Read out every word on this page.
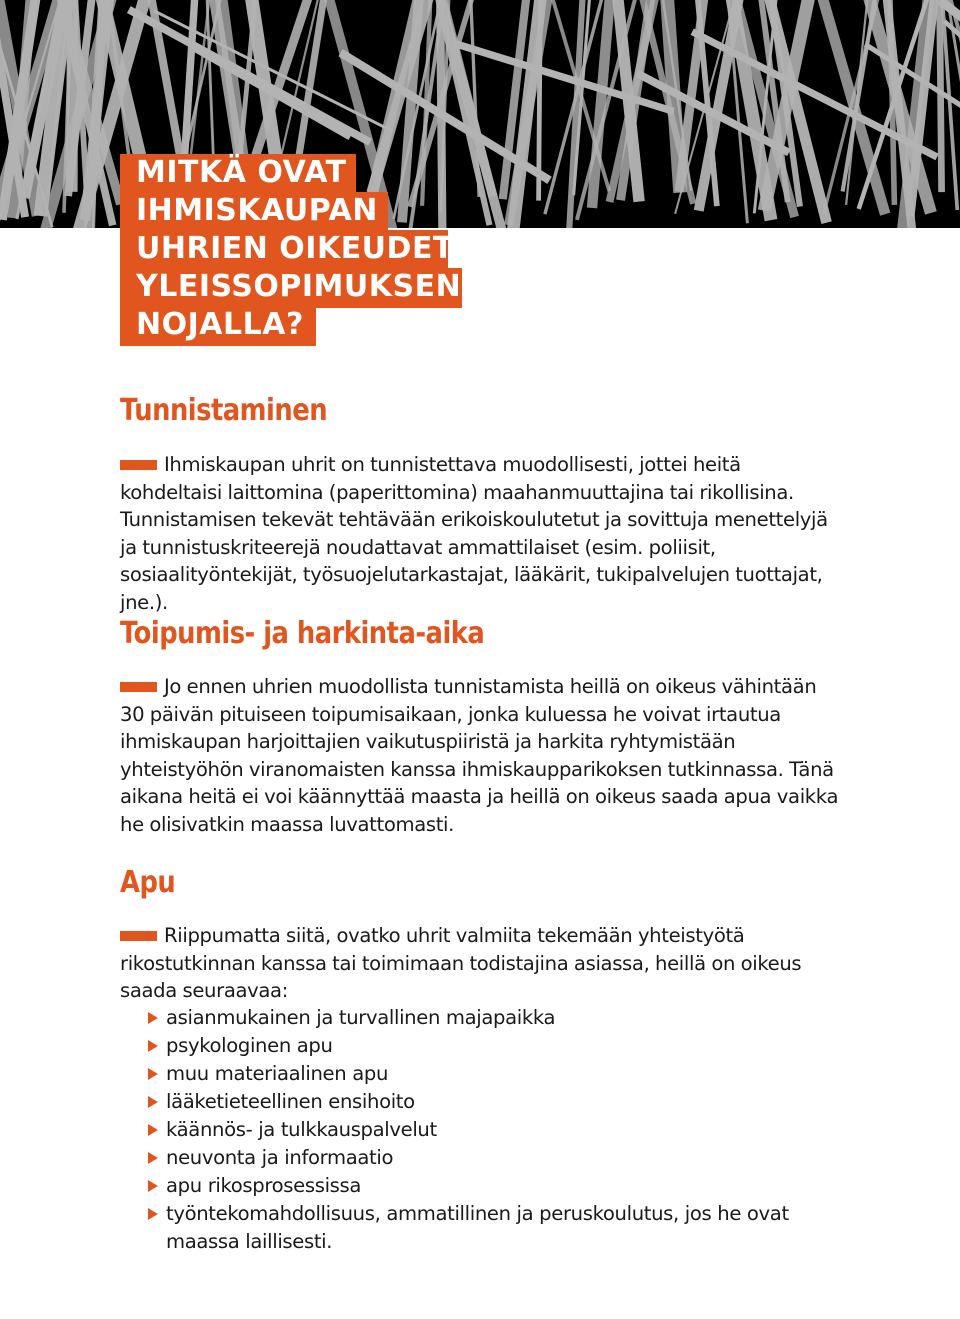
MITKÄ OVAT
IHMISKAUPAN
UHRIEN OIKEUDET
YLEISSOPIMUKSEN
NOJALLA?
Tunnistaminen

Ihmiskaupan uhrit on tunnistettava muodollisesti, jottei heitä kohdeltaisi laittomina (paperittomina) maahanmuuttajina tai rikollisina. Tunnistamisen tekevät tehtävään erikoiskoulutetut ja sovittuja menettelyjä ja tunnistuskriteerejä noudattavat ammattilaiset (esim. poliisit, sosiaalityöntekijät, työsuojelutarkastajat, lääkärit, tukipalvelujen tuottajat, jne.).

Toipumis- ja harkinta-aika

Jo ennen uhrien muodollista tunnistamista heillä on oikeus vähintään 30 päivän pituiseen toipumisaikaan, jonka kuluessa he voivat irtautua ihmiskaupan harjoittajien vaikutuspiiristä ja harkita ryhtymistään yhteistyöhön viranomaisten kanssa ihmiskaupparikoksen tutkinnassa. Tänä aikana heitä ei voi käännyttää maasta ja heillä on oikeus saada apua vaikka he olisivatkin maassa luvattomasti.

Apu

Riippumatta siitä, ovatko uhrit valmiita tekemään yhteistyötä rikostutkinnan kanssa tai toimimaan todistajina asiassa, heillä on oikeus saada seuraavaa:

asianmukainen ja turvallinen majapaikka
psykologinen apu
muu materiaalinen apu
lääketieteellinen ensihoito
käännös- ja tulkkauspalvelut
neuvonta ja informaatio
apu rikosprosessissa
työntekomahdollisuus, ammatillinen ja peruskoulutus, jos he ovat maassa laillisesti.
